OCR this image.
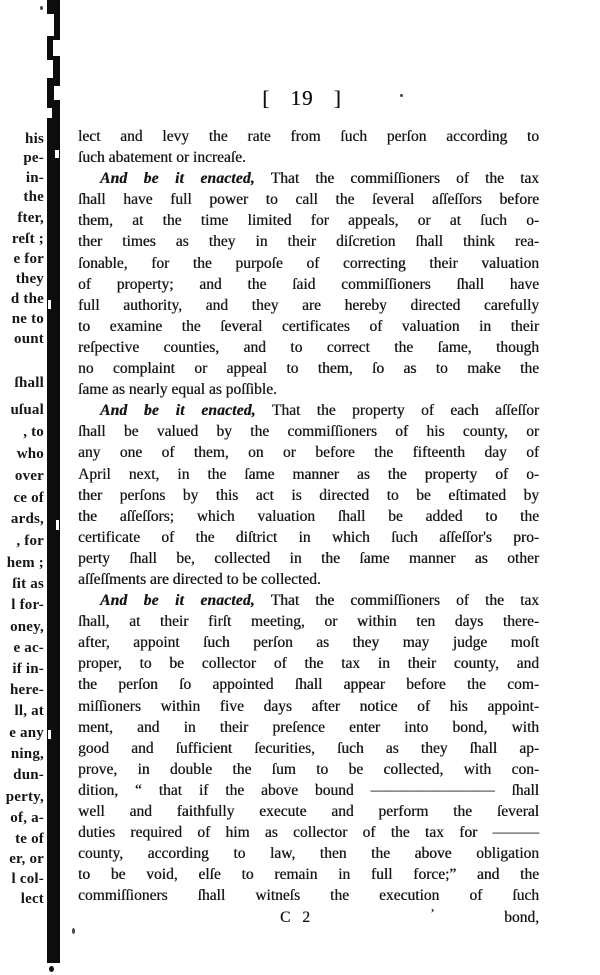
his
pe-
in-
the
fter,
reſt ;
e for
they
d the
ne to
ount
ſhall
uſual
, to
who
over
ce of
ards,
, for
hem ;
ſit as
l for-
oney,
e ac-
if in-
here-
ll, at
e any
ning,
dun-
perty,
of, a-
te of
er, or
l col-
lect
[ 19 ]
lect and levy the rate from ſuch perſon according to
ſuch abatement or increaſe.
And be it enacted, That the commiſſioners of the tax
ſhall have full power to call the ſeveral aſſeſſors before
them, at the time limited for appeals, or at ſuch o-
ther times as they in their diſcretion ſhall think rea-
ſonable, for the purpoſe of correcting their valuation
of property; and the ſaid commiſſioners ſhall have
full authority, and they are hereby directed carefully
to examine the ſeveral certificates of valuation in their
reſpective counties, and to correct the ſame, though
no complaint or appeal to them, ſo as to make the
ſame as nearly equal as poſſible.
And be it enacted, That the property of each aſſeſſor
ſhall be valued by the commiſſioners of his county, or
any one of them, on or before the fifteenth day of
April next, in the ſame manner as the property of o-
ther perſons by this act is directed to be eſtimated by
the aſſeſſors; which valuation ſhall be added to the
certificate of the diſtrict in which ſuch aſſeſſor's pro-
perty ſhall be, collected in the ſame manner as other
aſſeſſments are directed to be collected.
And be it enacted, That the commiſſioners of the tax
ſhall, at their firſt meeting, or within ten days there-
after, appoint ſuch perſon as they may judge moſt
proper, to be collector of the tax in their county, and
the perſon ſo appointed ſhall appear before the com-
miſſioners within five days after notice of his appoint-
ment, and in their preſence enter into bond, with
good and ſufficient ſecurities, ſuch as they ſhall ap-
prove, in double the ſum to be collected, with con-
dition, “ that if the above bound ———————— ſhall
well and faithfully execute and perform the ſeveral
duties required of him as collector of the tax for ———
county, according to law, then the above obligation
to be void, elſe to remain in full force;” and the
commiſſioners ſhall witneſs the execution of ſuch
C 2	’	bond,
